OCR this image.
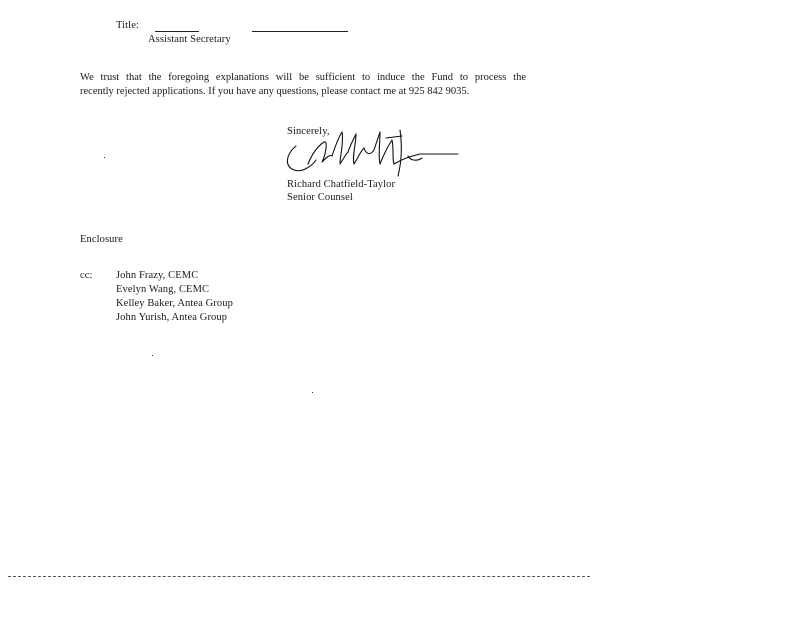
Title:
Assistant Secretary
We trust that the foregoing explanations will be sufficient to induce the Fund to process the
recently rejected applications. If you have any questions, please contact me at 925 842 9035.
Sincerely,
Richard Chatfield-Taylor
Senior Counsel
Enclosure
cc: John Frazy, CEMC
Evelyn Wang, CEMC
Kelley Baker, Antea Group
John Yurish, Antea Group
